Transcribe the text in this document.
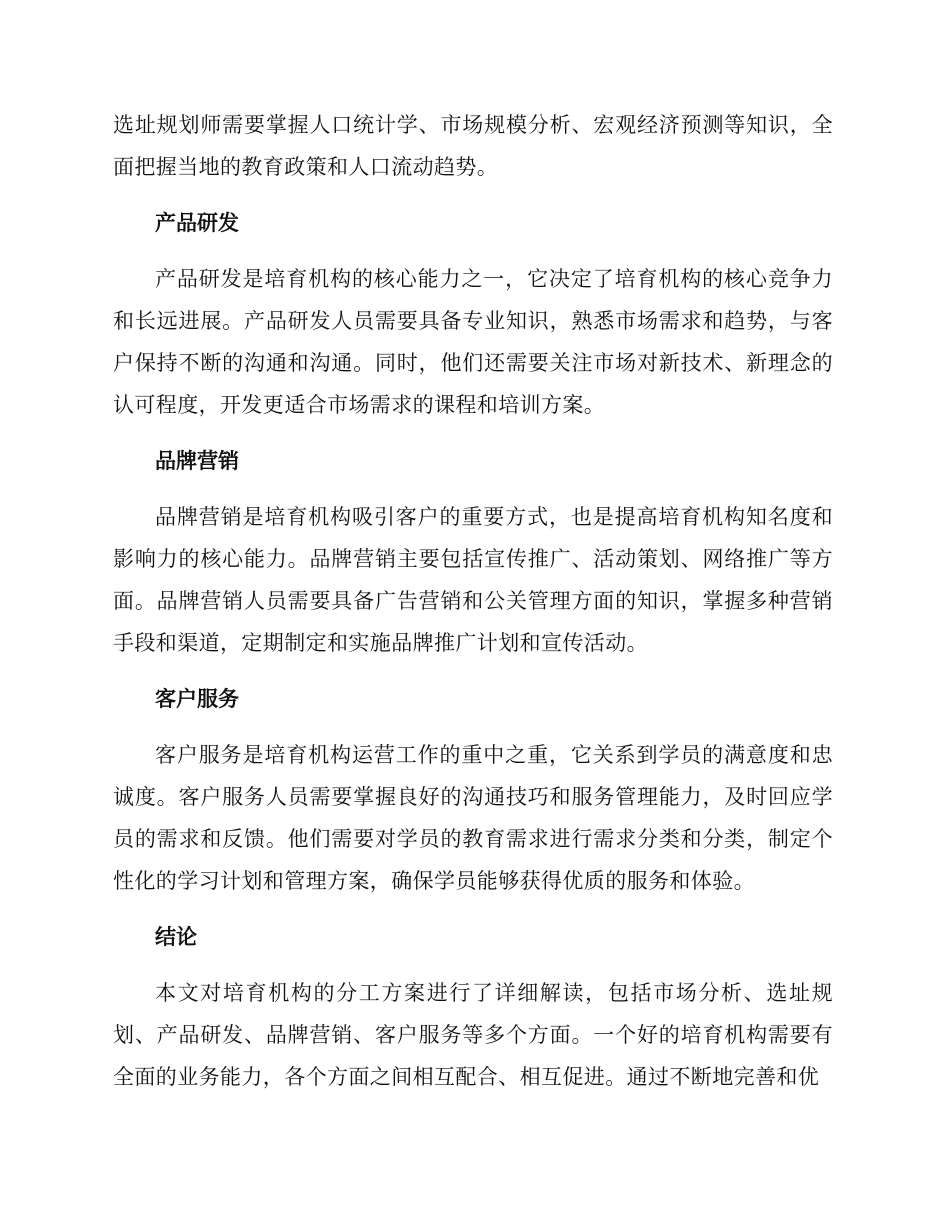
选址规划师需要掌握人口统计学、市场规模分析、宏观经济预测等知识，全面把握当地的教育政策和人口流动趋势。

产品研发

产品研发是培育机构的核心能力之一，它决定了培育机构的核心竞争力和长远进展。产品研发人员需要具备专业知识，熟悉市场需求和趋势，与客户保持不断的沟通和沟通。同时，他们还需要关注市场对新技术、新理念的认可程度，开发更适合市场需求的课程和培训方案。

品牌营销

品牌营销是培育机构吸引客户的重要方式，也是提高培育机构知名度和影响力的核心能力。品牌营销主要包括宣传推广、活动策划、网络推广等方面。品牌营销人员需要具备广告营销和公关管理方面的知识，掌握多种营销手段和渠道，定期制定和实施品牌推广计划和宣传活动。

客户服务

客户服务是培育机构运营工作的重中之重，它关系到学员的满意度和忠诚度。客户服务人员需要掌握良好的沟通技巧和服务管理能力，及时回应学员的需求和反馈。他们需要对学员的教育需求进行需求分类和分类，制定个性化的学习计划和管理方案，确保学员能够获得优质的服务和体验。

结论

本文对培育机构的分工方案进行了详细解读，包括市场分析、选址规划、产品研发、品牌营销、客户服务等多个方面。一个好的培育机构需要有全面的业务能力，各个方面之间相互配合、相互促进。通过不断地完善和优
